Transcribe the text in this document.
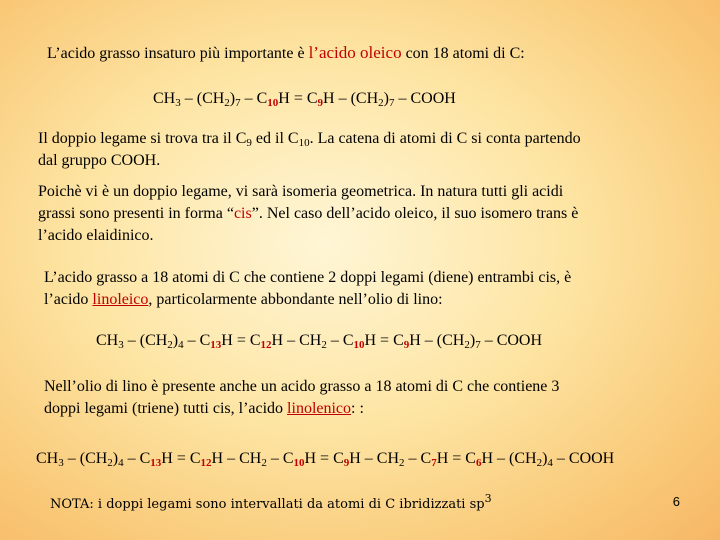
L’acido grasso insaturo più importante è l’acido oleico con 18 atomi di C:
$CH_3 - (CH_2)_7 - C_{10}H = C_9H - (CH_2)_7$ – COOH
Il doppio legame si trova tra il $C_9$ ed il $C_{10}$. La catena di atomi di C si conta partendo
dal gruppo COOH.
Poichè vi è un doppio legame, vi sarà isomeria geometrica. In natura tutti gli acidi
grassi sono presenti in forma “cis”. Nel caso dell’acido oleico, il suo isomero trans è
l’acido elaidinico.
L’acido grasso a 18 atomi di C che contiene 2 doppi legami (diene) entrambi cis, è
l’acido linoleico, particolarmente abbondante nell’olio di lino:
$CH_3 - (CH_2)_4 - C_{13}H = C_{12}H - CH_2 - C_{10}H = C_9H - (CH_2)_7$ – COOH
Nell’olio di lino è presente anche un acido grasso a 18 atomi di C che contiene 3
doppi legami (triene) tutti cis, l’acido linolenico: :
$CH_3 - (CH_2)_4 - C_{13}H = C_{12}H - CH_2 - C_{10}H = C_9H - CH_2 - C_7H = C_6H - (CH_2)_4$ – COOH
NOTA: i doppi legami sono intervallati da atomi di C ibridizzati $sp^3$	6
